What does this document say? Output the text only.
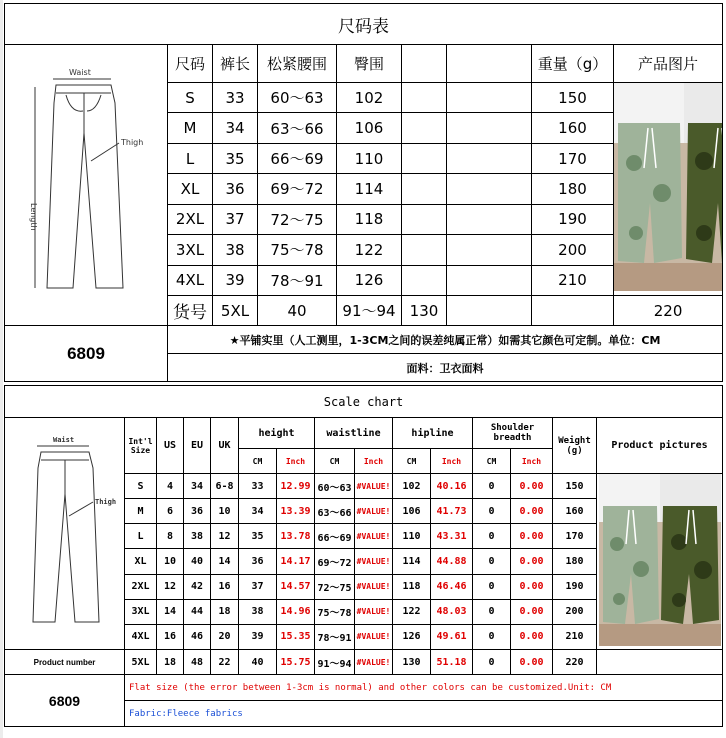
尺码表									

Waist
Thigh
Length	尺码	裤长	松紧腰围	臀围			重量（g）	产品图片	
	S	33	60～63	102			150	
	M	34	63～66	106			160		
	L	35	66～69	110			170		
	XL	36	69～72	114			180		
	2XL	37	72～75	118			190		
	3XL	38	75～78	122			200		
	4XL	39	78～91	126			210		
	货号	5XL	40	91～94	130			220	
6809	★平铺实里（人工测里，1-3CM之间的误差纯属正常）如需其它颜色可定制。单位：CM								
	面料：卫衣面料								
Scale chart														

Waist
Thigh	Int'l Size	US	EU	UK	height		waistline		hipline		Shoulder breadth		Weight (g)	Product pictures
					CM	Inch	CM	Inch	CM	Inch	CM	Inch		
	S	4	34	6-8	33	12.99	60～63	#VALUE!	102	40.16	0	0.00	150	
	M	6	36	10	34	13.39	63～66	#VALUE!	106	41.73	0	0.00	160	
	L	8	38	12	35	13.78	66～69	#VALUE!	110	43.31	0	0.00	170	
	XL	10	40	14	36	14.17	69～72	#VALUE!	114	44.88	0	0.00	180	
	2XL	12	42	16	37	14.57	72～75	#VALUE!	118	46.46	0	0.00	190	
	3XL	14	44	18	38	14.96	75～78	#VALUE!	122	48.03	0	0.00	200	
	4XL	16	46	20	39	15.35	78～91	#VALUE!	126	49.61	0	0.00	210	
Product number	5XL	18	48	22	40	15.75	91～94	#VALUE!	130	51.18	0	0.00	220	
6809	Flat size (the error between 1-3cm is normal) and other colors can be customized.Unit: CM													
	Fabric:Fleece fabrics													
